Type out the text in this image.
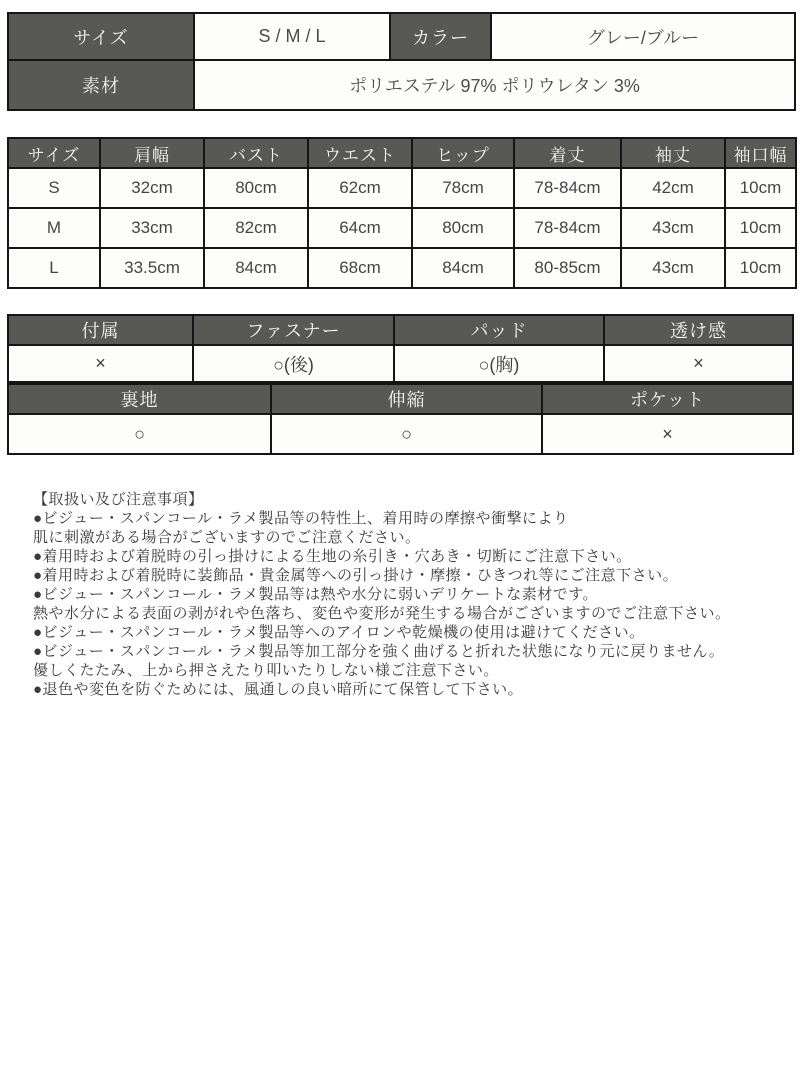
サイズ	S / M / L	カラー	グレー/ブルー
素材	ポリエステル 97% ポリウレタン 3%		
サイズ	肩幅	バスト	ウエスト	ヒップ	着丈	袖丈	袖口幅
S	32cm	80cm	62cm	78cm	78-84cm	42cm	10cm
M	33cm	82cm	64cm	80cm	78-84cm	43cm	10cm
L	33.5cm	84cm	68cm	84cm	80-85cm	43cm	10cm
付属	ファスナー	パッド	透け感
×	○(後)	○(胸)	×
裏地	伸縮	ポケット
○	○	×
【取扱い及び注意事項】
●ビジュー・スパンコール・ラメ製品等の特性上、着用時の摩擦や衝撃により
肌に刺激がある場合がございますのでご注意ください。
●着用時および着脱時の引っ掛けによる生地の糸引き・穴あき・切断にご注意下さい。
●着用時および着脱時に装飾品・貴金属等への引っ掛け・摩擦・ひきつれ等にご注意下さい。
●ビジュー・スパンコール・ラメ製品等は熱や水分に弱いデリケートな素材です。
熱や水分による表面の剥がれや色落ち、変色や変形が発生する場合がございますのでご注意下さい。
●ビジュー・スパンコール・ラメ製品等へのアイロンや乾燥機の使用は避けてください。
●ビジュー・スパンコール・ラメ製品等加工部分を強く曲げると折れた状態になり元に戻りません。
優しくたたみ、上から押さえたり叩いたりしない様ご注意下さい。
●退色や変色を防ぐためには、風通しの良い暗所にて保管して下さい。
